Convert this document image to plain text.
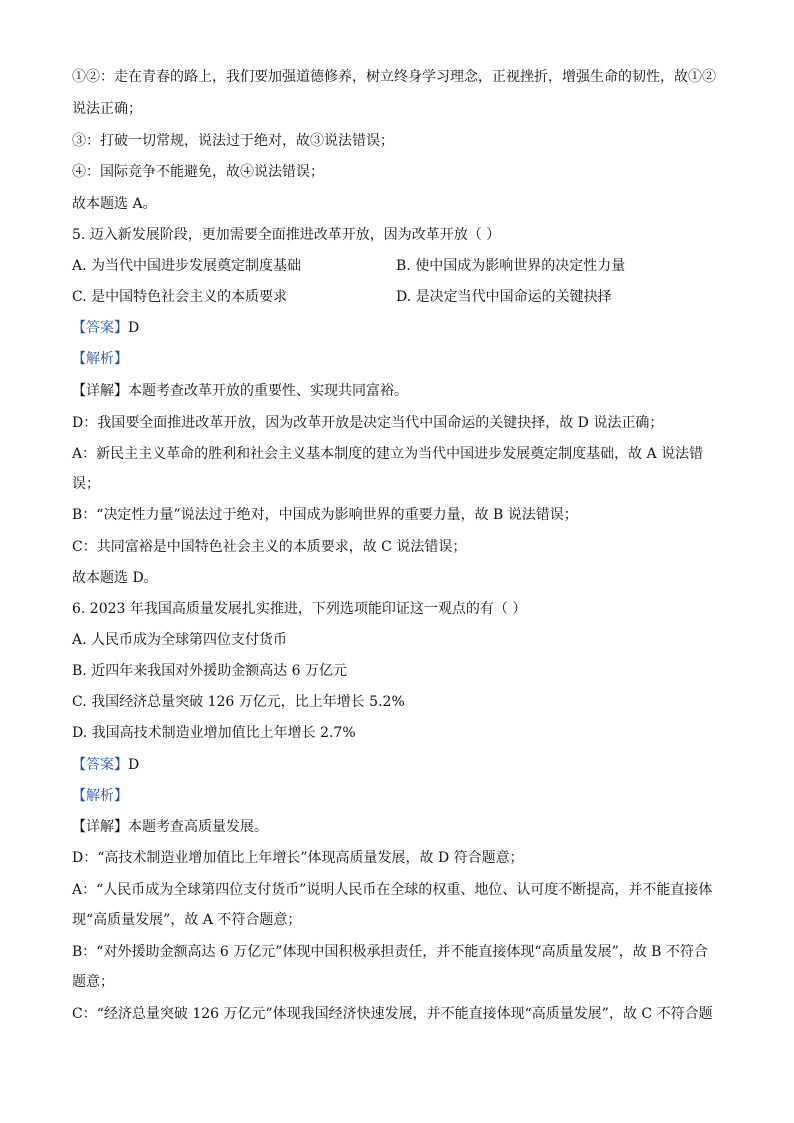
①②：走在青春的路上，我们要加强道德修养，树立终身学习理念，正视挫折，增强生命的韧性，故①②
说法正确；
③：打破一切常规，说法过于绝对，故③说法错误；
④：国际竞争不能避免，故④说法错误；
故本题选 A。
5. 迈入新发展阶段，更加需要全面推进改革开放，因为改革开放（ ）
A. 为当代中国进步发展奠定制度基础	B. 使中国成为影响世界的决定性力量
C. 是中国特色社会主义的本质要求	D. 是决定当代中国命运的关键抉择
【答案】D
【解析】
【详解】本题考查改革开放的重要性、实现共同富裕。
D：我国要全面推进改革开放，因为改革开放是决定当代中国命运的关键抉择，故 D 说法正确；
A：新民主主义革命的胜利和社会主义基本制度的建立为当代中国进步发展奠定制度基础，故 A 说法错
误；
B：“决定性力量”说法过于绝对，中国成为影响世界的重要力量，故 B 说法错误；
C：共同富裕是中国特色社会主义的本质要求，故 C 说法错误；
故本题选 D。
6. 2023 年我国高质量发展扎实推进，下列选项能印证这一观点的有（ ）
A. 人民币成为全球第四位支付货币
B. 近四年来我国对外援助金额高达 6 万亿元
C. 我国经济总量突破 126 万亿元，比上年增长 5.2%
D. 我国高技术制造业增加值比上年增长 2.7%
【答案】D
【解析】
【详解】本题考查高质量发展。
D：“高技术制造业增加值比上年增长”体现高质量发展，故 D 符合题意；
A：“人民币成为全球第四位支付货币”说明人民币在全球的权重、地位、认可度不断提高，并不能直接体
现“高质量发展”，故 A 不符合题意；
B：“对外援助金额高达 6 万亿元”体现中国积极承担责任，并不能直接体现“高质量发展”，故 B 不符合
题意；
C：“经济总量突破 126 万亿元”体现我国经济快速发展，并不能直接体现“高质量发展”，故 C 不符合题
